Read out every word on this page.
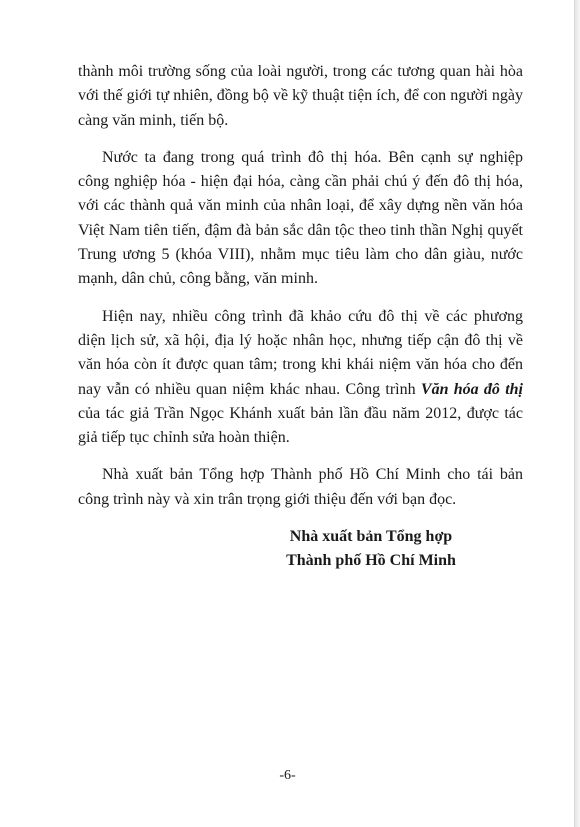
thành môi trường sống của loài người, trong các tương quan hài hòa với thế giới tự nhiên, đồng bộ về kỹ thuật tiện ích, để con người ngày càng văn minh, tiến bộ.

Nước ta đang trong quá trình đô thị hóa. Bên cạnh sự nghiệp công nghiệp hóa - hiện đại hóa, càng cần phải chú ý đến đô thị hóa, với các thành quả văn minh của nhân loại, để xây dựng nền văn hóa Việt Nam tiên tiến, đậm đà bản sắc dân tộc theo tinh thần Nghị quyết Trung ương 5 (khóa VIII), nhằm mục tiêu làm cho dân giàu, nước mạnh, dân chủ, công bằng, văn minh.

Hiện nay, nhiều công trình đã khảo cứu đô thị về các phương diện lịch sử, xã hội, địa lý hoặc nhân học, nhưng tiếp cận đô thị về văn hóa còn ít được quan tâm; trong khi khái niệm văn hóa cho đến nay vẫn có nhiều quan niệm khác nhau. Công trình Văn hóa đô thị của tác giả Trần Ngọc Khánh xuất bản lần đầu năm 2012, được tác giả tiếp tục chỉnh sửa hoàn thiện.

Nhà xuất bản Tổng hợp Thành phố Hồ Chí Minh cho tái bản công trình này và xin trân trọng giới thiệu đến với bạn đọc.

Nhà xuất bản Tổng hợp
Thành phố Hồ Chí Minh
-6-
